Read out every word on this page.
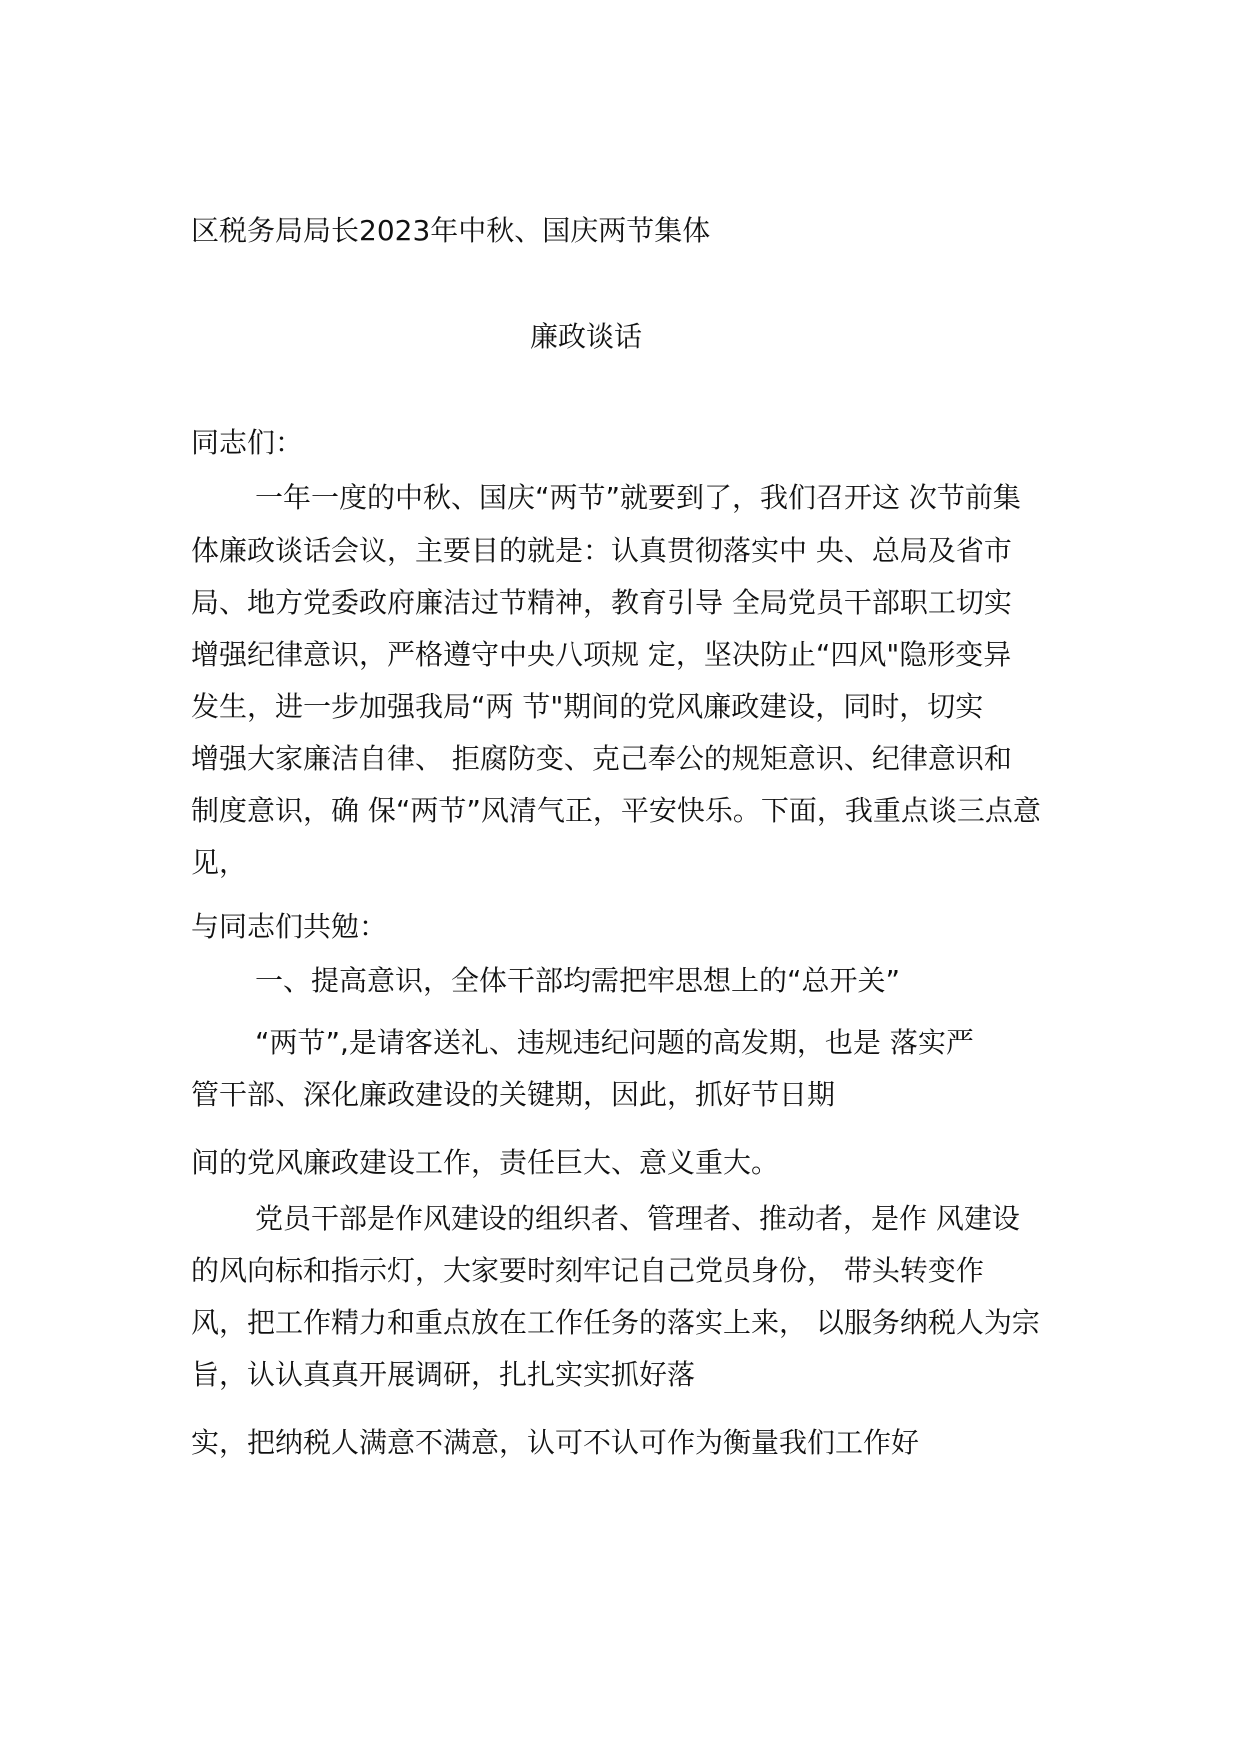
区税务局局长2023年中秋、国庆两节集体

廉政谈话

同志们：

一年一度的中秋、国庆“两节”就要到了，我们召开这 次节前集

体廉政谈话会议，主要目的就是：认真贯彻落实中 央、总局及省市

局、地方党委政府廉洁过节精神，教育引导 全局党员干部职工切实

增强纪律意识，严格遵守中央八项规 定，坚决防止“四风"隐形变异

发生，进一步加强我局“两 节"期间的党风廉政建设，同时，切实

增强大家廉洁自律、 拒腐防变、克己奉公的规矩意识、纪律意识和

制度意识，确 保“两节”风清气正，平安快乐。下面，我重点谈三点意

见，

与同志们共勉：

一、提高意识，全体干部均需把牢思想上的“总开关”

“两节”,是请客送礼、违规违纪问题的高发期，也是 落实严

管干部、深化廉政建设的关键期，因此，抓好节日期

间的党风廉政建设工作，责任巨大、意义重大。

党员干部是作风建设的组织者、管理者、推动者，是作 风建设

的风向标和指示灯，大家要时刻牢记自己党员身份， 带头转变作

风，把工作精力和重点放在工作任务的落实上来， 以服务纳税人为宗

旨，认认真真开展调研，扎扎实实抓好落

实，把纳税人满意不满意，认可不认可作为衡量我们工作好
